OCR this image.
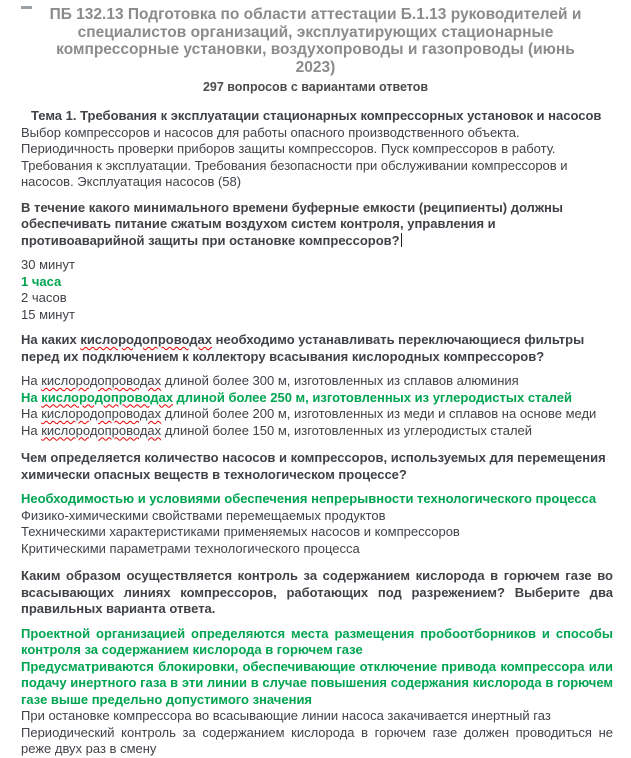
ПБ 132.13 Подготовка по области аттестации Б.1.13 руководителей и специалистов организаций, эксплуатирующих стационарные компрессорные установки, воздухопроводы и газопроводы (июнь 2023)
297 вопросов с вариантами ответов

Тема 1. Требования к эксплуатации стационарных компрессорных установок и насосов

Выбор компрессоров и насосов для работы опасного производственного объекта. Периодичность проверки приборов защиты компрессоров. Пуск компрессоров в работу. Требования к эксплуатации. Требования безопасности при обслуживании компрессоров и насосов. Эксплуатация насосов (58)

В течение какого минимального времени буферные емкости (реципиенты) должны обеспечивать питание сжатым воздухом систем контроля, управления и противоаварийной защиты при остановке компрессоров?

30 минут
1 часа
2 часов
15 минут

На каких кислородопроводах необходимо устанавливать переключающиеся фильтры перед их подключением к коллектору всасывания кислородных компрессоров?

На кислородопроводах длиной более 300 м, изготовленных из сплавов алюминия
На кислородопроводах длиной более 250 м, изготовленных из углеродистых сталей
На кислородопроводах длиной более 200 м, изготовленных из меди и сплавов на основе меди
На кислородопроводах длиной более 150 м, изготовленных из углеродистых сталей

Чем определяется количество насосов и компрессоров, используемых для перемещения химически опасных веществ в технологическом процессе?

Необходимостью и условиями обеспечения непрерывности технологического процесса
Физико-химическими свойствами перемещаемых продуктов
Техническими характеристиками применяемых насосов и компрессоров
Критическими параметрами технологического процесса

Каким образом осуществляется контроль за содержанием кислорода в горючем газе во всасывающих линиях компрессоров, работающих под разрежением? Выберите два правильных варианта ответа.

Проектной организацией определяются места размещения пробоотборников и способы контроля за содержанием кислорода в горючем газе
Предусматриваются блокировки, обеспечивающие отключение привода компрессора или подачу инертного газа в эти линии в случае повышения содержания кислорода в горючем газе выше предельно допустимого значения
При остановке компрессора во всасывающие линии насоса закачивается инертный газ
Периодический контроль за содержанием кислорода в горючем газе должен проводиться не реже двух раз в смену
